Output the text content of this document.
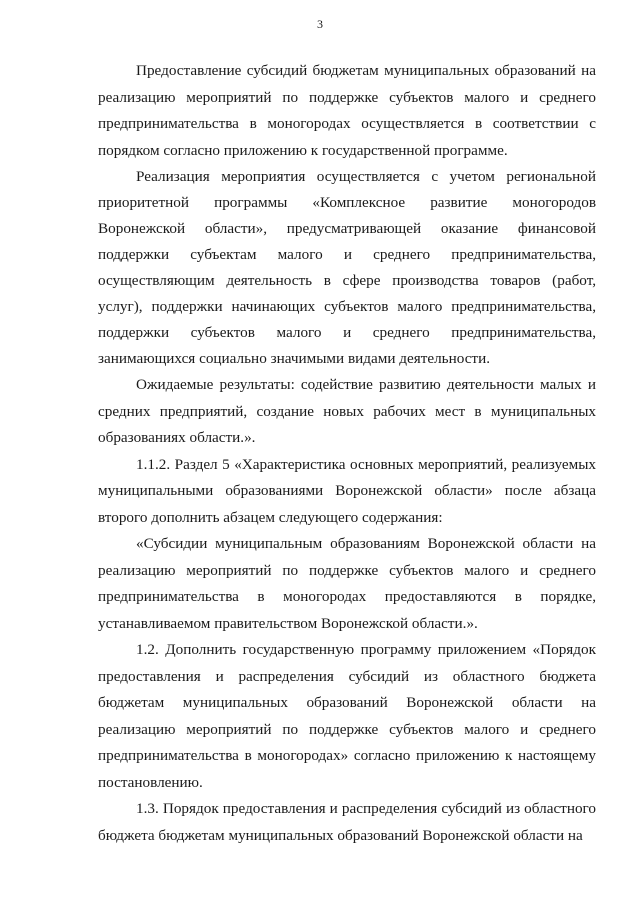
3

Предоставление субсидий бюджетам муниципальных образований на реализацию мероприятий по поддержке субъектов малого и среднего предпринимательства в моногородах осуществляется в соответствии с порядком согласно приложению к государственной программе.

Реализация мероприятия осуществляется с учетом региональной приоритетной программы «Комплексное развитие моногородов Воронежской области», предусматривающей оказание финансовой поддержки субъектам малого и среднего предпринимательства, осуществляющим деятельность в сфере производства товаров (работ, услуг), поддержки начинающих субъектов малого предпринимательства, поддержки субъектов малого и среднего предпринимательства, занимающихся социально значимыми видами деятельности.

Ожидаемые результаты: содействие развитию деятельности малых и средних предприятий, создание новых рабочих мест в муниципальных образованиях области.».

1.1.2. Раздел 5 «Характеристика основных мероприятий, реализуемых муниципальными образованиями Воронежской области» после абзаца второго дополнить абзацем следующего содержания:

«Субсидии муниципальным образованиям Воронежской области на реализацию мероприятий по поддержке субъектов малого и среднего предпринимательства в моногородах предоставляются в порядке, устанавливаемом правительством Воронежской области.».

1.2. Дополнить государственную программу приложением «Порядок предоставления и распределения субсидий из областного бюджета бюджетам муниципальных образований Воронежской области на реализацию мероприятий по поддержке субъектов малого и среднего предпринимательства в моногородах» согласно приложению к настоящему постановлению.

1.3. Порядок предоставления и распределения субсидий из областного бюджета бюджетам муниципальных образований Воронежской области на
